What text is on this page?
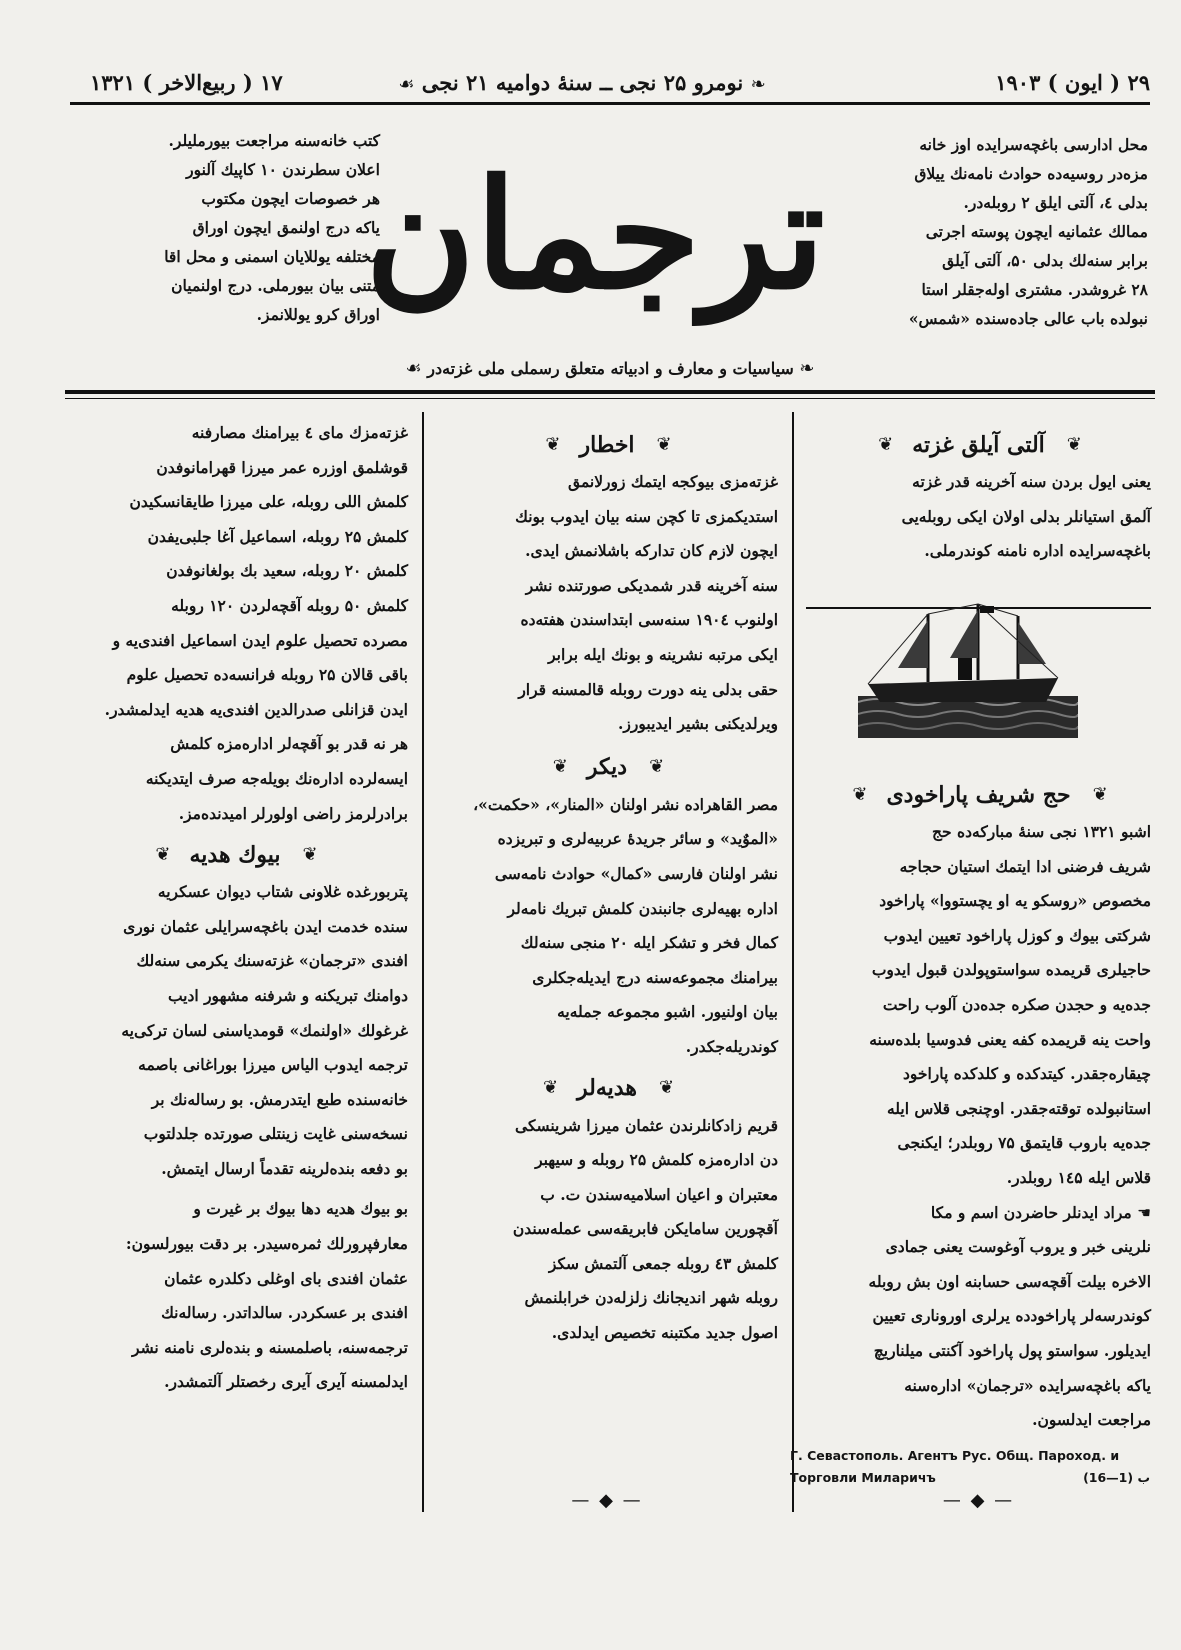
۲۹ ( ایون ) ۱۹۰۳
❧ نومرو ۲۵ نجی ــ سنهٔ دوامیه ۲۱ نجی ☙
۱۷ ( ربیع‌الاخر ) ۱۳۲۱
محل ادارسی باغچه‌سرایده اوز خانه
مزه‌در روسیه‌ده حوادث نامه‌نك ییلاق
بدلی ٤، آلتی ایلق ۲ روبله‌در.
ممالك عثمانیه ایچون پوسته اجرتی
برابر سنه‌لك بدلی ۵۰، آلتی آیلق
۲۸ غروشدر. مشتری اوله‌جقلر استا
نبولده باب عالی جاده‌سنده «شمس»
ترجمان
کتب خانه‌سنه مراجعت بیورملیلر.
اعلان سطرندن ۱۰ کاپیك آلنور
هر خصوصات ایچون مکتوب
یاکه درج اولنمق ایچون اوراق
مختلفه یوللایان اسمنی و محل اقا
متنی بیان بیورملی. درج اولنمیان
اوراق کرو یوللانمز.
❧ سیاسیات و معارف و ادبیاته متعلق رسملی ملی غزته‌در ☙
❦
آلتی آیلق غزته
❦

یعنی ایول بردن سنه آخرینه قدر غزته
آلمق استیانلر بدلی اولان ایکی روبله‌یی
باغچه‌سرایده اداره نامنه کوندرملی.

❦
حج شریف پاراخودی
❦

اشبو ۱۳۲۱ نجی سنهٔ مبارکه‌ده حج
شریف فرضنی ادا ایتمك استیان حجاجه
مخصوص «روسکو یه او یچستووا» پاراخود
شرکتی بیوك و کوزل پاراخود تعیین ایدوب
حاجیلری قریمده سواستوپولدن قبول ایدوب
جده‌یه و حجدن صکره جده‌دن آلوب راحت
واحت ینه قریمده کفه یعنی فدوسیا بلده‌سنه
چیقاره‌جقدر. کیتدکده و کلدکده پاراخود
استانبولده توقته‌جقدر. اوچنجی قلاس ایله
جده‌یه باروب قایتمق ۷۵ روبلدر؛ ایکنجی
قلاس ایله ۱٤۵ روبلدر.

☚ مراد ایدنلر حاضردن اسم و مکا
نلرینی خبر و یروب آوغوست یعنی جمادی
الاخره بیلت آقچه‌سی حسابنه اون بش روبله
کوندرسه‌لر پاراخودده یرلری اوروناری تعیین
ایدیلور. سواستو پول پاراخود آکنتی میلناریچ
یاکه باغچه‌سرایده «ترجمان» اداره‌سنه
مراجعت ایدلسون.

Г. Севастополь. Агентъ Рус. Общ. Пароход. и
Торговли Миларичъ	(16—1) ب
— ◆ —
❦
اخطار
❦

غزته‌مزی بیوکجه ایتمك زورلانمق
استدیکمزی تا کچن سنه بیان ایدوب بونك
ایچون لازم کان تدارکه باشلانمش ایدی.
سنه آخرینه قدر شمدیکی صورتنده نشر
اولنوب ۱۹۰٤ سنه‌سی ابتداسندن هفته‌ده
ایکی مرتبه نشرینه و بونك ایله برابر
حقی بدلی ینه دورت روبله قالمسنه قرار
ویرلدیکنی بشیر ایدیبورز.

❦
دیکر
❦

مصر القاهراده نشر اولنان «المنار»، «حکمت»،
«الموٌید» و سائر جریدهٔ عربیه‌لری و تبریزده
نشر اولنان فارسی «کمال» حوادث نامه‌سی
اداره‌ بهیه‌لری جانبندن کلمش تبریك نامه‌لر
کمال فخر و تشکر ایله ۲۰ منجی سنه‌لك
بیرامنك مجموعه‌سنه درج ایدیله‌جکلری
بیان اولنیور. اشبو مجموعه جمله‌یه
کوندریله‌جکدر.

❦
هدیه‌لر
❦

قریم زادکانلرندن عثمان میرزا شرینسکی
دن اداره‌مزه کلمش ۲۵ روبله و سیهبر
معتبران و اعیان اسلامیه‌سندن ت. ب
آقچورین سامایکن فابریقه‌سی عمله‌سندن
کلمش ٤۳ روبله جمعی آلتمش سکز
روبله شهر اندیجانك زلزله‌دن خرابلنمش
اصول جدید مکتبنه تخصیص ایدلدی.

— ◆ —

غزته‌مزك مای ٤ بیرامنك مصارفنه
قوشلمق اوزره عمر میرزا قهرامانوفدن
کلمش اللی روبله، علی میرزا طایقانسکیدن
کلمش ۲۵ روبله، اسماعیل آغا جلبی‌یفدن
کلمش ۲۰ روبله، سعید بك بولغانوفدن
کلمش ۵۰ روبله آقچه‌لردن ۱۲۰ روبله
مصرده تحصیل علوم ایدن اسماعیل افندی‌یه و
باقی قالان ۲۵ روبله فرانسه‌ده تحصیل علوم
ایدن قزانلی صدرالدین افندی‌یه هدیه ایدلمشدر.
هر نه قدر بو آقچه‌لر اداره‌مزه کلمش
ایسه‌لرده اداره‌نك بویله‌جه صرف ایتدیکنه
برادرلرمز راضی اولورلر امیدنده‌مز.

❦
بیوك هدیه
❦

پتربورغده غلاونی شتاب دیوان عسکریه
سنده خدمت ایدن باغچه‌سرایلی عثمان نوری
افندی «ترجمان» غزته‌سنك یکرمی سنه‌لك
دوامنك تبریکنه و شرفنه مشهور ادیب
غرغولك «اولنمك» قومدیاسنی لسان ترکی‌یه
ترجمه ایدوب الیاس میرزا بوراغانی باصمه
خانه‌سنده طبع ایتدرمش. بو رساله‌نك بر
نسخه‌سنی غایت زینتلی صورتده جلدلتوب
بو دفعه بنده‌لرینه تقدماً ارسال ایتمش.

بو بیوك هدیه دها بیوك بر غیرت و
معارفپرورلك ثمره‌سیدر. بر دقت بیورلسون:
عثمان افندی بای اوغلی دکلدره عثمان
افندی بر عسکردر. سالداتدر. رساله‌نك
ترجمه‌سنه، باصلمسنه و بنده‌لری نامنه نشر
ایدلمسنه آیری آیری رخصتلر آلتمشدر.
